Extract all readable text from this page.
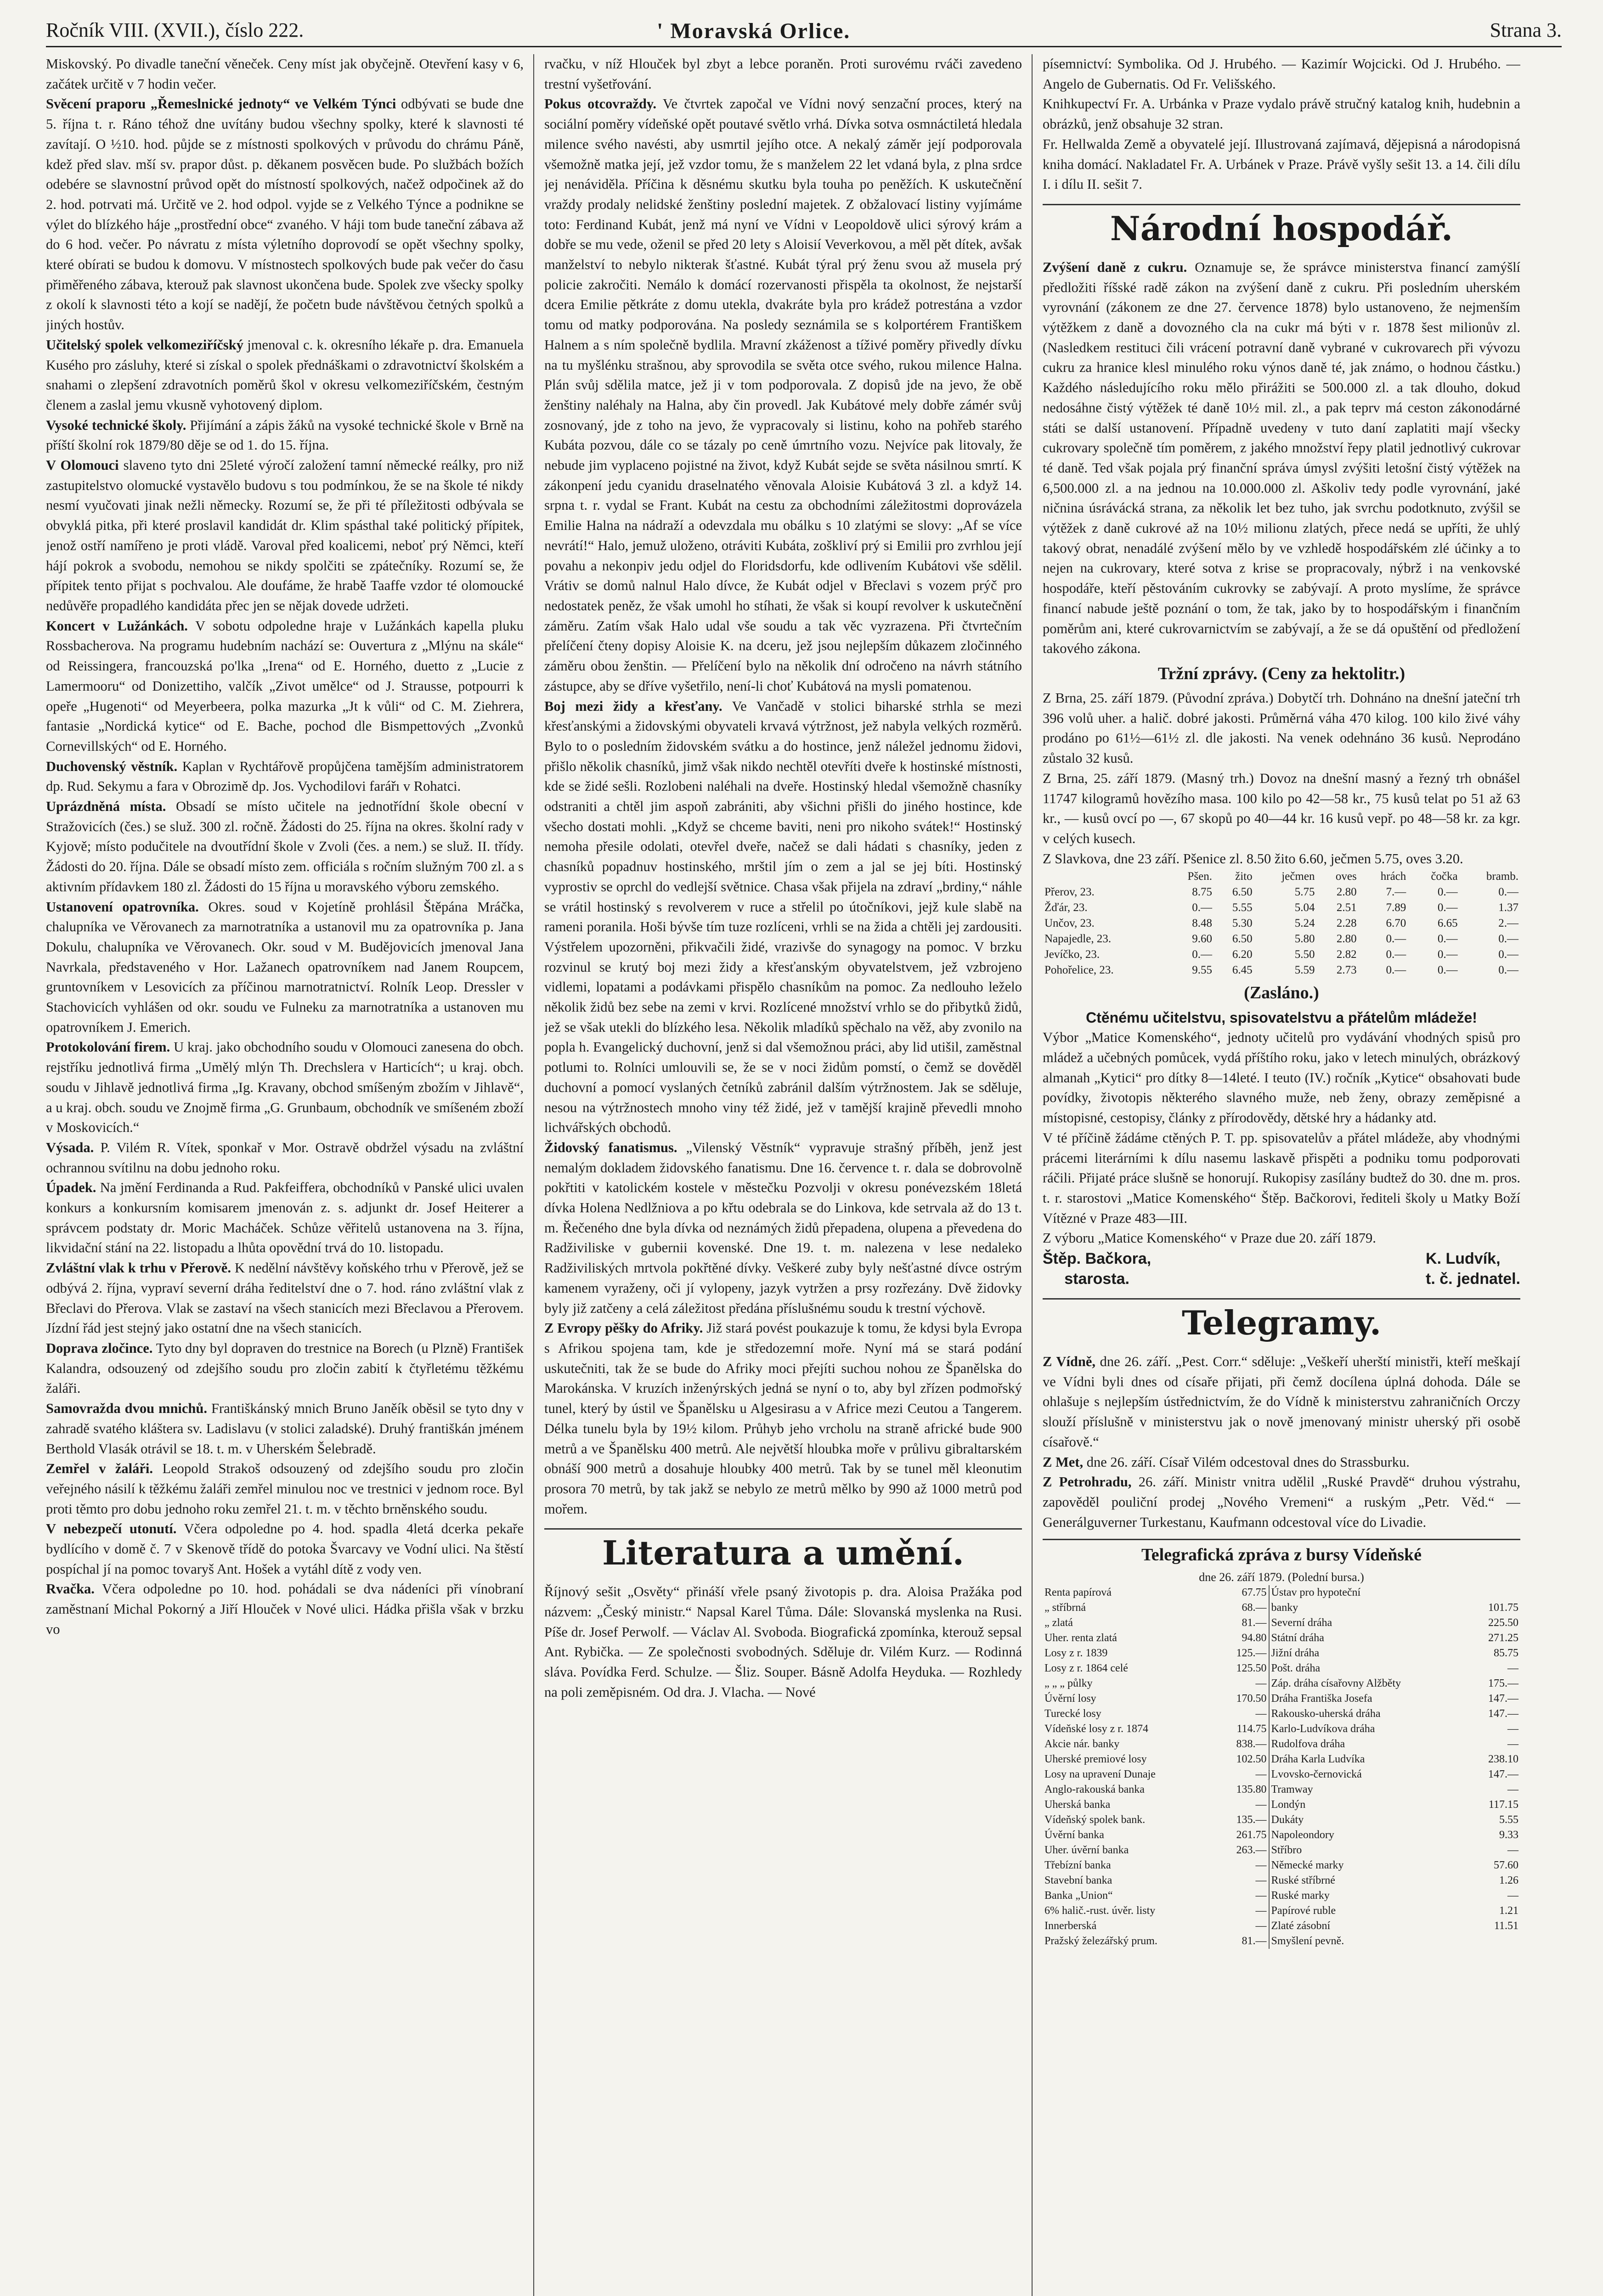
Ročník VIII. (XVII.), číslo 222.	' Moravská Orlice.	Strana 3.

Miskovský. Po divadle taneční věneček. Ceny míst jak obyčejně. Otevření kasy v 6, začátek určitě v 7 hodin večer.

Svěcení praporu „Řemeslnické jednoty“ ve Velkém Týnci odbývati se bude dne 5. října t. r. Ráno téhož dne uvítány budou všechny spolky, které k slavnosti té zavítají. O ½10. hod. půjde se z místnosti spolkových v průvodu do chrámu Páně, kdež před slav. mší sv. prapor důst. p. děkanem posvěcen bude. Po službách božích odebére se slavnostní průvod opět do místností spolkových, načež odpočinek až do 2. hod. potrvati má. Určitě ve 2. hod odpol. vyjde se z Velkého Týnce a podnikne se výlet do blízkého háje „prostřední obce“ zvaného. V háji tom bude taneční zábava až do 6 hod. večer. Po návratu z místa výletního doprovodí se opět všechny spolky, které obírati se budou k domovu. V místnostech spolkových bude pak večer do času přiměřeného zábava, kterouž pak slavnost ukončena bude. Spolek zve všecky spolky z okolí k slavnosti této a kojí se nadějí, že početn bude návštěvou četných spolků a jiných hostův.

Učitelský spolek velkomeziříčský jmenoval c. k. okresního lékaře p. dra. Emanuela Kusého pro zásluhy, které si získal o spolek přednáškami o zdravotnictví školském a snahami o zlepšení zdravotních poměrů škol v okresu velkomeziříčském, čestným členem a zaslal jemu vkusně vyhotovený diplom.

Vysoké technické školy. Přijímání a zápis žáků na vysoké technické škole v Brně na příští školní rok 1879/80 děje se od 1. do 15. října.

V Olomouci slaveno tyto dni 25leté výročí založení tamní německé reálky, pro niž zastupitelstvo olomucké vystavělo budovu s tou podmínkou, že se na škole té nikdy nesmí vyučovati jinak nežli německy. Rozumí se, že při té příležitosti odbývala se obvyklá pitka, při které proslavil kandidát dr. Klim spásthal také politický přípitek, jenož ostří namířeno je proti vládě. Varoval před koalicemi, neboť prý Němci, kteří hájí pokrok a svobodu, nemohou se nikdy spolčiti se zpátečníky. Rozumí se, že přípitek tento přijat s pochvalou. Ale doufáme, že hrabě Taaffe vzdor té olomoucké nedůvěře propadlého kandidáta přec jen se nějak dovede udržeti.

Koncert v Lužánkách. V sobotu odpoledne hraje v Lužánkách kapella pluku Rossbacherova. Na programu hudebním nachází se: Ouvertura z „Mlýnu na skále“ od Reissingera, francouzská po'lka „Irena“ od E. Horného, duetto z „Lucie z Lamermooru“ od Donizettiho, valčík „Zivot umělce“ od J. Strausse, potpourri k opeře „Hugenoti“ od Meyerbeera, polka mazurka „Jt k vůli“ od C. M. Ziehrera, fantasie „Nordická kytice“ od E. Bache, pochod dle Bismpettových „Zvonků Cornevillských“ od E. Horného.

Duchovenský věstník. Kaplan v Rychtářově propůjčena tamějším administratorem dp. Rud. Sekymu a fara v Obrozimě dp. Jos. Vychodilovi farářı v Rohatci.

Uprázdněná místa. Obsadí se místo učitele na jednotřídní škole obecní v Stražovicích (čes.) se služ. 300 zl. ročně. Žádosti do 25. října na okres. školní rady v Kyjově; místo podučitele na dvoutřídní škole v Zvoli (čes. a nem.) se služ. II. třídy. Žádosti do 20. října. Dále se obsadí místo zem. officiála s ročním služným 700 zl. a s aktivním přídavkem 180 zl. Žádosti do 15 října u moravského výboru zemského.

Ustanovení opatrovníka. Okres. soud v Kojetíně prohlásil Štěpána Mráčka, chalupníka ve Věrovanech za marnotratníka a ustanovil mu za opatrovníka p. Jana Dokulu, chalupníka ve Věrovanech. Okr. soud v M. Budějovicích jmenoval Jana Navrkala, představeného v Hor. Lažanech opatrovníkem nad Janem Roupcem, gruntovníkem v Lesovicích za příčinou marnotratnictví. Rolník Leop. Dressler v Stachovicích vyhlášen od okr. soudu ve Fulneku za marnotratníka a ustanoven mu opatrovníkem J. Emerich.

Protokolování firem. U kraj. jako obchodního soudu v Olomouci zanesena do obch. rejstříku jednotlivá firma „Umělý mlýn Th. Drechslera v Harticích“; u kraj. obch. soudu v Jihlavě jednotlivá firma „Ig. Kravany, obchod smíšeným zbožím v Jihlavě“, a u kraj. obch. soudu ve Znojmě firma „G. Grunbaum, obchodník ve smíšeném zboží v Moskovicích.“

Výsada. P. Vilém R. Vítek, sponkař v Mor. Ostravě obdržel výsadu na zvláštní ochrannou svítilnu na dobu jednoho roku.

Úpadek. Na jmění Ferdinanda a Rud. Pakfeiffera, obchodníků v Panské ulici uvalen konkurs a konkursním komisarem jmenován z. s. adjunkt dr. Josef Heiterer a správcem podstaty dr. Moric Macháček. Schůze věřitelů ustanovena na 3. října, likvidační stání na 22. listopadu a lhůta opovědní trvá do 10. listopadu.

Zvláštní vlak k trhu v Přerově. K nedělní návštěvy koňského trhu v Přerově, jež se odbývá 2. října, vypraví severní dráha ředitelství dne o 7. hod. ráno zvláštní vlak z Břeclavi do Přerova. Vlak se zastaví na všech stanicích mezi Břeclavou a Přerovem. Jízdní řád jest stejný jako ostatní dne na všech stanicích.

Doprava zločince. Tyto dny byl dopraven do trestnice na Borech (u Plzně) František Kalandra, odsouzený od zdejšího soudu pro zločin zabití k čtyřletému těžkému žaláři.

Samovražda dvou mnichů. Františkánský mnich Bruno Janěík oběsil se tyto dny v zahradě svatého kláštera sv. Ladislavu (v stolici zaladské). Druhý františkán jménem Berthold Vlasák otrávil se 18. t. m. v Uherském Šelebradě.

Zemřel v žaláři. Leopold Strakoš odsouzený od zdejšího soudu pro zločin veřejného násilí k těžkému žaláři zemřel minulou noc ve trestnici v jednom roce. Byl proti těmto pro dobu jednoho roku zemřel 21. t. m. v těchto brněnského soudu.

V nebezpečí utonutí. Včera odpoledne po 4. hod. spadla 4letá dcerka pekaře bydlícího v domě č. 7 v Skenově třídě do potoka Švarcavy ve Vodní ulici. Na štěstí pospíchal jí na pomoc tovaryš Ant. Hošek a vytáhl dítě z vody ven.

Rvačka. Včera odpoledne po 10. hod. pohádali se dva nádeníci při vínobraní zaměstnaní Michal Pokorný a Jiří Hlouček v Nové ulici. Hádka přišla však v brzku vo

rvačku, v níž Hlouček byl zbyt a lebce poraněn. Proti surovému rváči zavedeno trestní vyšetřování.

Pokus otcovraždy. Ve čtvrtek započal ve Vídni nový senzační proces, který na sociální poměry vídeňské opět poutavé světlo vrhá. Dívka sotva osmnáctiletá hledala milence svého navésti, aby usmrtil jejího otce. A nekalý záměr její podporovala všemožně matka její, jež vzdor tomu, že s manželem 22 let vdaná byla, z plna srdce jej nenáviděla. Příčina k děsnému skutku byla touha po peněžích. K uskutečnění vraždy prodaly nelidské ženštiny poslední majetek. Z obžalovací listiny vyjímáme toto: Ferdinand Kubát, jenž má nyní ve Vídni v Leopoldově ulici sýrový krám a dobře se mu vede, oženil se před 20 lety s Aloisií Veverkovou, a měl pět dítek, avšak manželství to nebylo nikterak šťastné. Kubát týral prý ženu svou až musela prý policie zakročiti. Nemálo k domácí rozervanosti přispěla ta okolnost, že nejstarší dcera Emilie pětkráte z domu utekla, dvakráte byla pro krádež potrestána a vzdor tomu od matky podporována. Na posledy seznámila se s kolportérem Františkem Halnem a s ním společně bydlila. Mravní zkáženost a tíživé poměry přivedly dívku na tu myšlénku strašnou, aby sprovodila se světa otce svého, rukou milence Halna. Plán svůj sdělila matce, jež ji v tom podporovala. Z dopisů jde na jevo, že obě ženštiny naléhaly na Halna, aby čin provedl. Jak Kubátové mely dobře zámér svůj zosnovaný, jde z toho na jevo, že vypracovaly si listinu, koho na pohřeb starého Kubáta pozvou, dále co se tázaly po ceně úmrtního vozu. Nejvíce pak litovaly, že nebude jim vyplaceno pojistné na život, když Kubát sejde se světa násilnou smrtí. K zákonpení jedu cyanidu draselnatého věnovala Aloisie Kubátová 3 zl. a když 14. srpna t. r. vydal se Frant. Kubát na cestu za obchodními záležitostmi doprovázela Emilie Halna na nádraží a odevzdala mu obálku s 10 zlatými se slovy: „Af se více nevrátí!“ Halo, jemuž uloženo, otráviti Kubáta, zoškliví prý si Emilii pro zvrhlou její povahu a nekonpiv jedu odjel do Floridsdorfu, kde odlivením Kubátovi vše sdělil. Vrátiv se domů nalnul Halo dívce, že Kubát odjel v Břeclavi s vozem prýč pro nedostatek peněz, že však umohl ho stíhati, že však si koupí revolver k uskutečnění záměru. Zatím však Halo udal vše soudu a tak věc vyzrazena. Při čtvrtečním přelíčení čteny dopisy Aloisie K. na dceru, jež jsou nejlepším důkazem zločinného záměru obou ženštin. — Přelíčení bylo na několik dní odročeno na návrh státního zástupce, aby se dříve vyšetřilo, není-li choť Kubátová na mysli pomatenou.

Boj mezi židy a křesťany. Ve Vančadě v stolici biharské strhla se mezi křesťanskými a židovskými obyvateli krvavá výtržnost, jež nabyla velkých rozměrů. Bylo to o posledním židovském svátku a do hostince, jenž náležel jednomu židovi, přišlo několik chasníků, jimž však nikdo nechtěl otevříti dveře k hostinské místnosti, kde se židé sešli. Rozlobeni naléhali na dveře. Hostinský hledal všemožně chasníky odstraniti a chtěl jim aspoň zabrániti, aby všichni přišli do jiného hostince, kde všecho dostati mohli. „Když se chceme baviti, neni pro nikoho svátek!“ Hostinský nemoha přesile odolati, otevřel dveře, načež se dali hádati s chasníky, jeden z chasníků popadnuv hostinského, mrštil jím o zem a jal se jej bíti. Hostinský vyprostiv se oprchl do vedlejší světnice. Chasa však přijela na zdraví „brdiny,“ náhle se vrátil hostinský s revolverem v ruce a střelil po útočníkovi, jejž kule slabě na rameni poranila. Hoši bývše tím tuze rozlíceni, vrhli se na žida a chtěli jej zardousiti. Výstřelem upozorněni, přikvačili židé, vrazivše do synagogy na pomoc. V brzku rozvinul se krutý boj mezi židy a křesťanským obyvatelstvem, jež vzbrojeno vidlemi, lopatami a podávkami přispělo chasníkům na pomoc. Za nedlouho leželo několik židů bez sebe na zemi v krvi. Rozlícené množství vrhlo se do přibytků židů, jež se však utekli do blízkého lesa. Několik mladíků spěchalo na věž, aby zvonilo na popla h. Evangelický duchovní, jenž si dal všemožnou práci, aby lid utišil, zaměstnal potlumi to. Rolníci umlouvili se, že se v noci židům pomstí, o čemž se dověděl duchovní a pomocí vyslaných četníků zabránil dalším výtržnostem. Jak se sděluje, nesou na výtržnostech mnoho viny též židé, jež v tamější krajině převedli mnoho lichvářských obchodů.

Židovský fanatismus. „Vilenský Věstník“ vypravuje strašný příběh, jenž jest nemalým dokladem židovského fanatismu. Dne 16. července t. r. dala se dobrovolně pokřtiti v katolickém kostele v městečku Pozvolji v okresu ponévezském 18letá dívka Holena Nedlžniova a po křtu odebrala se do Linkova, kde setrvala až do 13 t. m. Řečeného dne byla dívka od neznámých židů přepadena, olupena a převedena do Radživiliske v gubernii kovenské. Dne 19. t. m. nalezena v lese nedaleko Radživiliských mrtvola pokřtěné dívky. Veškeré zuby byly nešťastné dívce ostrým kamenem vyraženy, oči jí vylopeny, jazyk vytržen a prsy rozřezány. Dvě židovky byly již zatčeny a celá záležitost předána příslušnému soudu k trestní výchově.

Z Evropy pěšky do Afriky. Již stará povést poukazuje k tomu, že kdysi byla Evropa s Afrikou spojena tam, kde je středozemní moře. Nyní má se stará podání uskutečniti, tak že se bude do Afriky moci přejíti suchou nohou ze Španělska do Marokánska. V kruzích inženýrských jedná se nyní o to, aby byl zřízen podmořský tunel, který by ústil ve Španělsku u Algesirasu a v Africe mezi Ceutou a Tangerem. Délka tunelu byla by 19½ kilom. Průhyb jeho vrcholu na straně africké bude 900 metrů a ve Španělsku 400 metrů. Ale největší hloubka moře v průlivu gibraltarském obnáší 900 metrů a dosahuje hloubky 400 metrů. Tak by se tunel měl kleonutim prosora 70 metrů, by tak jakž se nebylo ze metrů mělko by 990 až 1000 metrů pod mořem.

Literatura a umění.

Říjnový sešit „Osvěty“ přináší vřele psaný životopis p. dra. Aloisa Pražáka pod názvem: „Český ministr.“ Napsal Karel Tůma. Dále: Slovanská myslenka na Rusi. Píše dr. Josef Perwolf. — Václav Al. Svoboda. Biografická zpomínka, kterouž sepsal Ant. Rybička. — Ze společnosti svobodných. Sděluje dr. Vilém Kurz. — Rodinná sláva. Povídka Ferd. Schulze. — Šliz. Souper. Básně Adolfa Heyduka. — Rozhledy na poli zeměpisném. Od dra. J. Vlacha. — Nové

písemnictví: Symbolika. Od J. Hrubého. — Kazimír Wojcicki. Od J. Hrubého. — Angelo de Gubernatis. Od Fr. Velišského.

Knihkupectví Fr. A. Urbánka v Praze vydalo právě stručný katalog knih, hudebnin a obrázků, jenž obsahuje 32 stran.

Fr. Hellwalda Země a obyvatelé její. Illustrovaná zajímavá, dějepisná a národopisná kniha domácí. Nakladatel Fr. A. Urbánek v Praze. Právě vyšly sešit 13. a 14. čili dílu I. i dílu II. sešit 7.

Národní hospodář.

Zvýšení daně z cukru. Oznamuje se, že správce ministerstva financí zamýšlí předložiti říšské radě zákon na zvýšení daně z cukru. Při posledním uherském vyrovnání (zákonem ze dne 27. července 1878) bylo ustanoveno, že nejmenším výtěžkem z daně a dovozného cla na cukr má býti v r. 1878 šest milionův zl. (Nasledkem restituci čili vrácení potravní daně vybrané v cukrovarech při vývozu cukru za hranice klesl minulého roku výnos daně té, jak známo, o hodnou částku.) Každého následujícího roku mělo přirážiti se 500.000 zl. a tak dlouho, dokud nedosáhne čistý výtěžek té daně 10½ mil. zl., a pak teprv má ceston zákonodárné státi se další ustanovení. Případně uvedeny v tuto daní zaplatiti mají všecky cukrovary společně tím poměrem, z jakého množství řepy platil jednotlivý cukrovar té daně. Ted však pojala prý finanční správa úmysl zvýšiti letošní čistý výtěžek na 6,500.000 zl. a na jednou na 10.000.000 zl. Aškoliv tedy podle vyrovnání, jaké ničnina úsrávácká strana, za několik let bez tuho, jak svrchu podotknuto, zvýšil se výtěžek z daně cukrové až na 10½ milionu zlatých, přece nedá se upříti, že uhlý takový obrat, nenadálé zvýšení mělo by ve vzhledě hospodářském zlé účinky a to nejen na cukrovary, které sotva z krise se propracovaly, nýbrž i na venkovské hospodáře, kteří pěstováním cukrovky se zabývají. A proto myslíme, že správce financí nabude ještě poznání o tom, že tak, jako by to hospodářským i finančním poměrům ani, které cukrovarnictvím se zabývají, a že se dá opuštění od předložení takového zákona.

Tržní zprávy. (Ceny za hektolitr.)

Z Brna, 25. září 1879. (Původní zpráva.) Dobytčí trh. Dohnáno na dnešní jateční trh 396 volů uher. a halič. dobré jakosti. Průměrná váha 470 kilog. 100 kilo živé váhy prodáno po 61½—61½ zl. dle jakosti. Na venek odehnáno 36 kusů. Neprodáno zůstalo 32 kusů.

Z Brna, 25. září 1879. (Masný trh.) Dovoz na dnešní masný a řezný trh obnášel 11747 kilogramů hovězího masa. 100 kilo po 42—58 kr., 75 kusů telat po 51 až 63 kr., — kusů ovcí po —, 67 skopů po 40—44 kr. 16 kusů vepř. po 48—58 kr. za kgr. v celých kusech.

Z Slavkova, dne 23 září. Pšenice zl. 8.50 žito 6.60, ječmen 5.75, oves 3.20.

	Pšen.	žito	ječmen	oves	hrách	čočka	bramb.
Přerov, 23.	8.75	6.50	5.75	2.80	7.—	0.—	0.—
Žďár, 23.	0.—	5.55	5.04	2.51	7.89	0.—	1.37
Unčov, 23.	8.48	5.30	5.24	2.28	6.70	6.65	2.—
Napajedle, 23.	9.60	6.50	5.80	2.80	0.—	0.—	0.—
Jevíčko, 23.	0.—	6.20	5.50	2.82	0.—	0.—	0.—
Pohořelice, 23.	9.55	6.45	5.59	2.73	0.—	0.—	0.—
(Zasláno.)
Ctěnému učitelstvu, spisovatelstvu a přátelům mládeže!

Výbor „Matice Komenského“, jednoty učitelů pro vydávání vhodných spisů pro mládež a učebných pomůcek, vydá příštího roku, jako v letech minulých, obrázkový almanah „Kytici“ pro dítky 8—14leté. I teuto (IV.) ročník „Kytice“ obsahovati bude povídky, životopis některého slavného muže, neb ženy, obrazy zeměpisné a místopisné, cestopisy, články z přírodovědy, dětské hry a hádanky atd.

V té příčině žádáme ctěných P. T. pp. spisovatelův a přátel mládeže, aby vhodnými prácemi literárními k dílu nasemu laskavě přispěti a podniku tomu podporovati ráčili. Přijaté práce slušně se honorují. Rukopisy zasílány budtež do 30. dne m. pros. t. r. starostovi „Matice Komenského“ Štěp. Bačkorovi, řediteli školy u Matky Boží Vítězné v Praze 483—III.

Z výboru „Matice Komenského“ v Praze due 20. září 1879.

Štěp. Bačkora,
starosta.
K. Ludvík,
t. č. jednatel.
Telegramy.

Z Vídně, dne 26. září. „Pest. Corr.“ sděluje: „Veškeří uherští ministři, kteří meškají ve Vídni byli dnes od císaře přijati, při čemž docílena úplná dohoda. Dále se ohlašuje s nejlepším ústřednictvím, že do Vídně k ministerstvu zahraničních Orczy slouží příslušně v ministerstvu jak o nově jmenovaný ministr uherský při osobě císařově.“

Z Met, dne 26. září. Císař Vilém odcestoval dnes do Strassburku.

Z Petrohradu, 26. září. Ministr vnitra udělil „Ruské Pravdě“ druhou výstrahu, zapověděl pouliční prodej „Nového Vremeni“ a ruským „Petr. Věd.“ — Generálguverner Turkestanu, Kaufmann odcestoval více do Livadie.

Telegrafická zpráva z bursy Vídeňské
dne 26. září 1879. (Polední bursa.)
Renta papírová	67.75	Ústav pro hypoteční	
„ stříbrná	68.—	banky	101.75
„ zlatá	81.—	Severní dráha	225.50
Uher. renta zlatá	94.80	Státní dráha	271.25
Losy z r. 1839	125.—	Jižní dráha	85.75
Losy z r. 1864 celé	125.50	Pošt. dráha	—
„ „ „ půlky	—	Záp. dráha císařovny Alžběty	175.—
Úvěrní losy	170.50	Dráha Františka Josefa	147.—
Turecké losy	—	Rakousko-uherská dráha	147.—
Vídeňské losy z r. 1874	114.75	Karlo-Ludvíkova dráha	—
Akcie nár. banky	838.—	Rudolfova dráha	—
Uherské premiové losy	102.50	Dráha Karla Ludvíka	238.10
Losy na upravení Dunaje	—	Lvovsko-černovická	147.—
Anglo-rakouská banka	135.80	Tramway	—
Uherská banka	—	Londýn	117.15
Vídeňský spolek bank.	135.—	Dukáty	5.55
Úvěrní banka	261.75	Napoleondory	9.33
Uher. úvěrní banka	263.—	Stříbro	—
Třebízní banka	—	Německé marky	57.60
Stavební banka	—	Ruské stříbrné	1.26
Banka „Union“	—	Ruské marky	—
6% halič.-rust. úvěr. listy	—	Papírové ruble	1.21
Innerberská	—	Zlaté zásobní	11.51
Pražský železářský prum.	81.—	Smyšlení pevně.	
